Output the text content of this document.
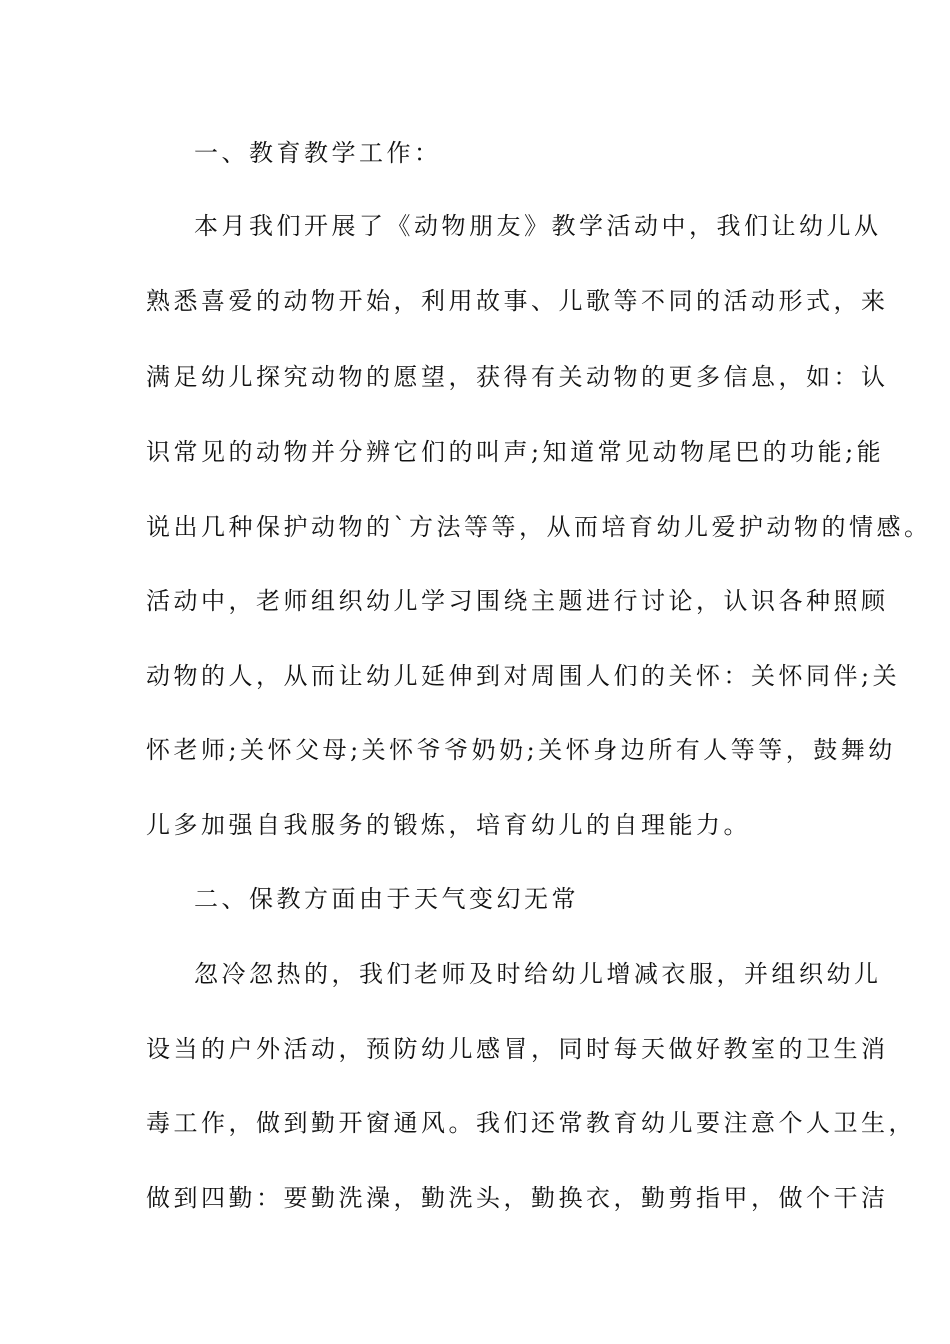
一、教育教学工作：
本月我们开展了《动物朋友》教学活动中，我们让幼儿从
熟悉喜爱的动物开始，利用故事、儿歌等不同的活动形式，来
满足幼儿探究动物的愿望，获得有关动物的更多信息，如：认
识常见的动物并分辨它们的叫声;知道常见动物尾巴的功能;能
说出几种保护动物的`方法等等，从而培育幼儿爱护动物的情感。
活动中，老师组织幼儿学习围绕主题进行讨论，认识各种照顾
动物的人，从而让幼儿延伸到对周围人们的关怀：关怀同伴;关
怀老师;关怀父母;关怀爷爷奶奶;关怀身边所有人等等，鼓舞幼
儿多加强自我服务的锻炼，培育幼儿的自理能力。
二、保教方面由于天气变幻无常
忽冷忽热的，我们老师及时给幼儿增减衣服，并组织幼儿
设当的户外活动，预防幼儿感冒，同时每天做好教室的卫生消
毒工作，做到勤开窗通风。我们还常教育幼儿要注意个人卫生，
做到四勤：要勤洗澡，勤洗头，勤换衣，勤剪指甲，做个干洁
